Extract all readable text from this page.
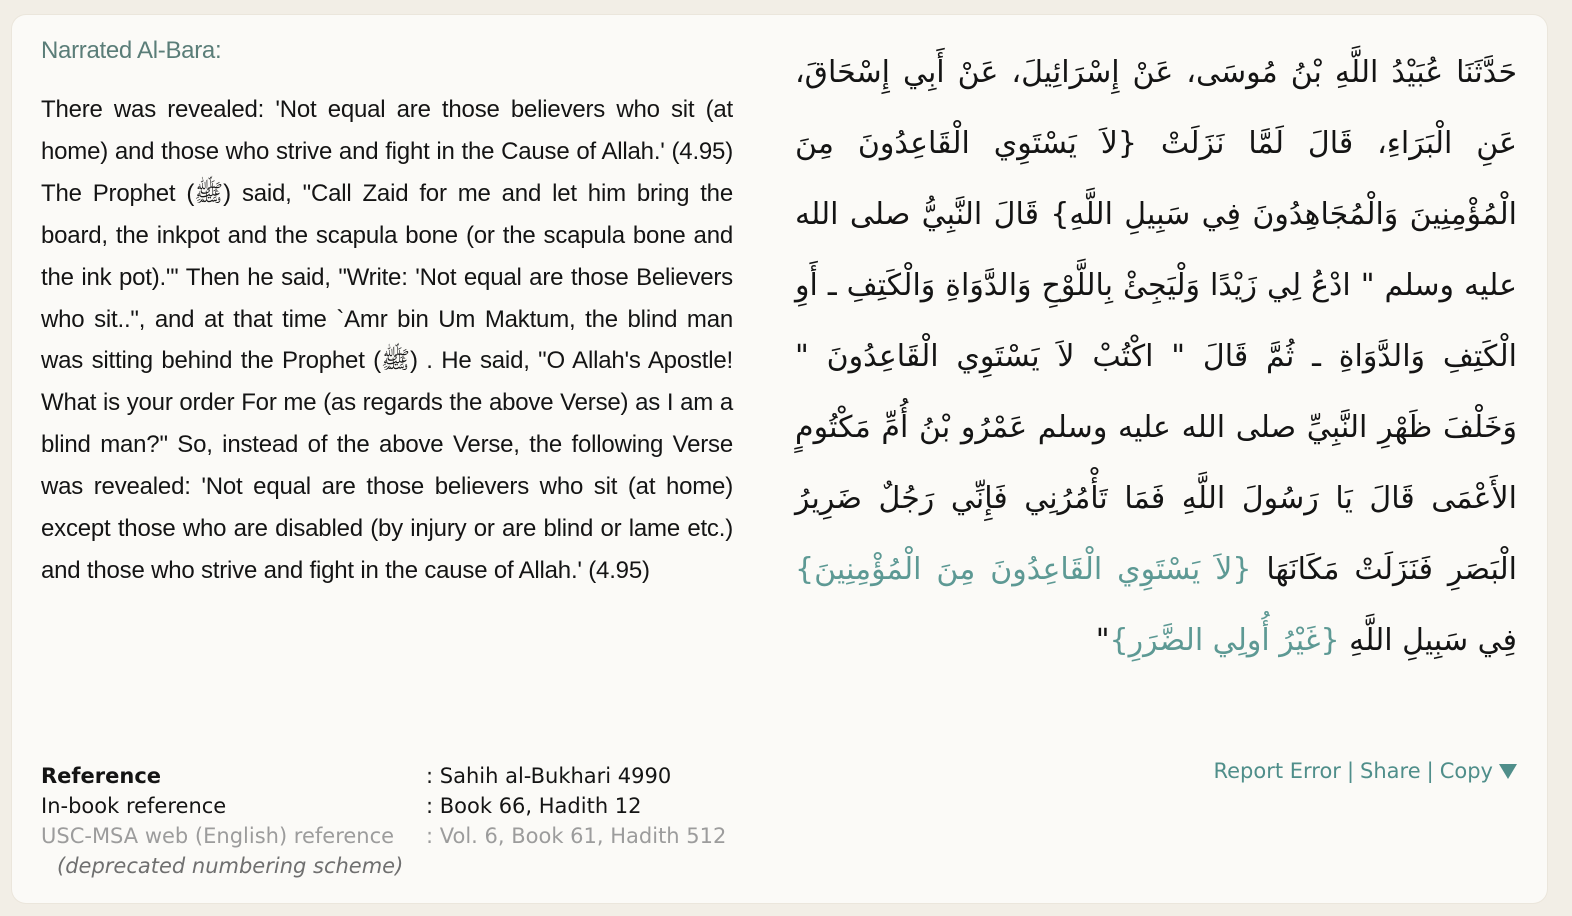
Narrated Al-Bara:
There was revealed: 'Not equal are those believers who sit (at home) and those who strive and fight in the Cause of Allah.' (4.95) The Prophet (ﷺ) said, "Call Zaid for me and let him bring the board, the inkpot and the scapula bone (or the scapula bone and the ink pot)."' Then he said, "Write: 'Not equal are those Believers who sit..", and at that time `Amr bin Um Maktum, the blind man was sitting behind the Prophet (ﷺ) . He said, "O Allah's Apostle! What is your order For me (as regards the above Verse) as I am a blind man?" So, instead of the above Verse, the following Verse was revealed: 'Not equal are those believers who sit (at home) except those who are disabled (by injury or are blind or lame etc.) and those who strive and fight in the cause of Allah.' (4.95)
حَدَّثَنَا عُبَيْدُ اللَّهِ بْنُ مُوسَى، عَنْ إِسْرَائِيلَ، عَنْ أَبِي إِسْحَاقَ، عَنِ الْبَرَاءِ، قَالَ لَمَّا نَزَلَتْ {لاَ يَسْتَوِي الْقَاعِدُونَ مِنَ الْمُؤْمِنِينَ وَالْمُجَاهِدُونَ فِي سَبِيلِ اللَّهِ} قَالَ النَّبِيُّ صلى الله عليه وسلم " ادْعُ لِي زَيْدًا وَلْيَجِئْ بِاللَّوْحِ وَالدَّوَاةِ وَالْكَتِفِ ـ أَوِ الْكَتِفِ وَالدَّوَاةِ ـ ثُمَّ قَالَ " اكْتُبْ لاَ يَسْتَوِي الْقَاعِدُونَ " وَخَلْفَ ظَهْرِ النَّبِيِّ صلى الله عليه وسلم عَمْرُو بْنُ أُمِّ مَكْتُومٍ الأَعْمَى قَالَ يَا رَسُولَ اللَّهِ فَمَا تَأْمُرُنِي فَإِنِّي رَجُلٌ ضَرِيرُ الْبَصَرِ فَنَزَلَتْ مَكَانَهَا {لاَ يَسْتَوِي الْقَاعِدُونَ مِنَ الْمُؤْمِنِينَ} فِي سَبِيلِ اللَّهِ {غَيْرُ أُولِي الضَّرَرِ}"
Reference	: Sahih al-Bukhari 4990
In-book reference	: Book 66, Hadith 12
USC-MSA web (English) reference	: Vol. 6, Book 61, Hadith 512
(deprecated numbering scheme)
Report Error | Share | Copy
